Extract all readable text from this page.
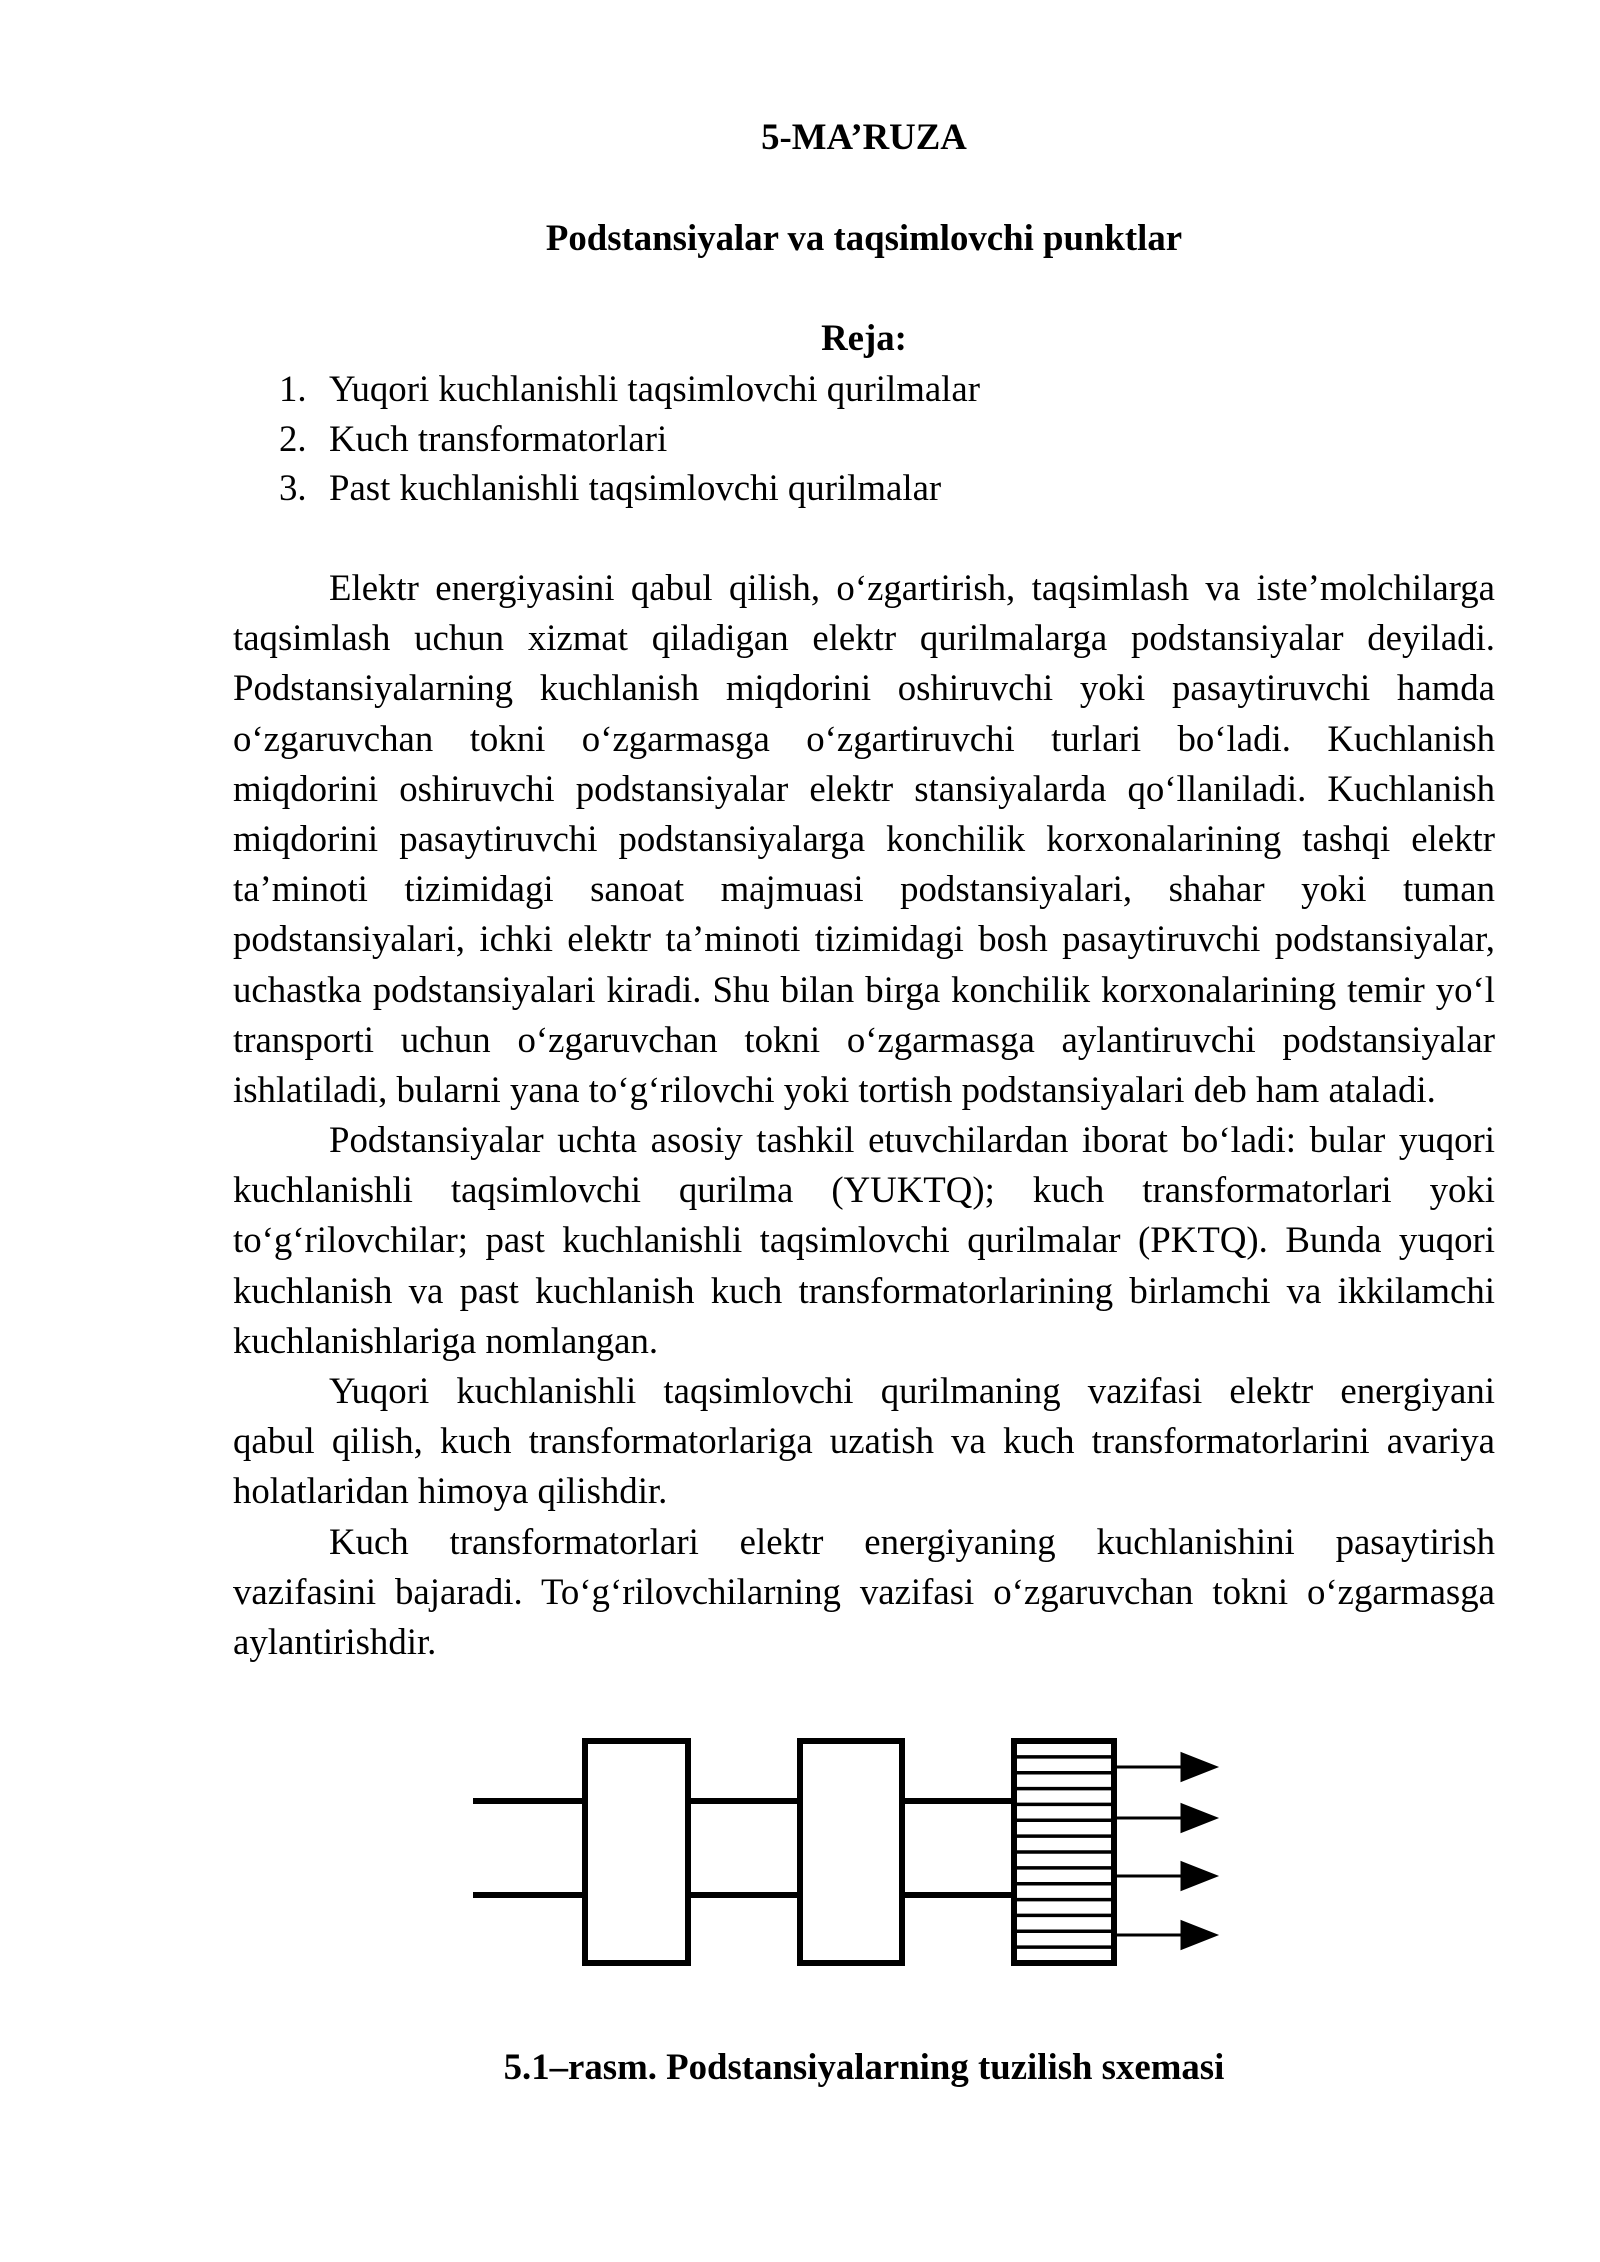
5-MA’RUZA
Podstansiyalar va taqsimlovchi punktlar
Reja:
1. Yuqori kuchlanishli taqsimlovchi qurilmalar
2. Kuch transformatorlari
3. Past kuchlanishli taqsimlovchi qurilmalar
Elektr energiyasini qabul qilish, o‘zgartirish, taqsimlash va iste’molchilarga
taqsimlash uchun xizmat qiladigan elektr qurilmalarga podstansiyalar deyiladi.
Podstansiyalarning kuchlanish miqdorini oshiruvchi yoki pasaytiruvchi hamda
o‘zgaruvchan tokni o‘zgarmasga o‘zgartiruvchi turlari bo‘ladi. Kuchlanish
miqdorini oshiruvchi podstansiyalar elektr stansiyalarda qo‘llaniladi. Kuchlanish
miqdorini pasaytiruvchi podstansiyalarga konchilik korxonalarining tashqi elektr
ta’minoti tizimidagi sanoat majmuasi podstansiyalari, shahar yoki tuman
podstansiyalari, ichki elektr ta’minoti tizimidagi bosh pasaytiruvchi podstansiyalar,
uchastka podstansiyalari kiradi. Shu bilan birga konchilik korxonalarining temir yo‘l
transporti uchun o‘zgaruvchan tokni o‘zgarmasga aylantiruvchi podstansiyalar
ishlatiladi, bularni yana to‘g‘rilovchi yoki tortish podstansiyalari deb ham ataladi.
Podstansiyalar uchta asosiy tashkil etuvchilardan iborat bo‘ladi: bular yuqori
kuchlanishli taqsimlovchi qurilma (YUKTQ); kuch transformatorlari yoki
to‘g‘rilovchilar; past kuchlanishli taqsimlovchi qurilmalar (PKTQ). Bunda yuqori
kuchlanish va past kuchlanish kuch transformatorlarining birlamchi va ikkilamchi
kuchlanishlariga nomlangan.
Yuqori kuchlanishli taqsimlovchi qurilmaning vazifasi elektr energiyani
qabul qilish, kuch transformatorlariga uzatish va kuch transformatorlarini avariya
holatlaridan himoya qilishdir.
Kuch transformatorlari elektr energiyaning kuchlanishini pasaytirish
vazifasini bajaradi. To‘g‘rilovchilarning vazifasi o‘zgaruvchan tokni o‘zgarmasga
aylantirishdir.
5.1–rasm. Podstansiyalarning tuzilish sxemasi
